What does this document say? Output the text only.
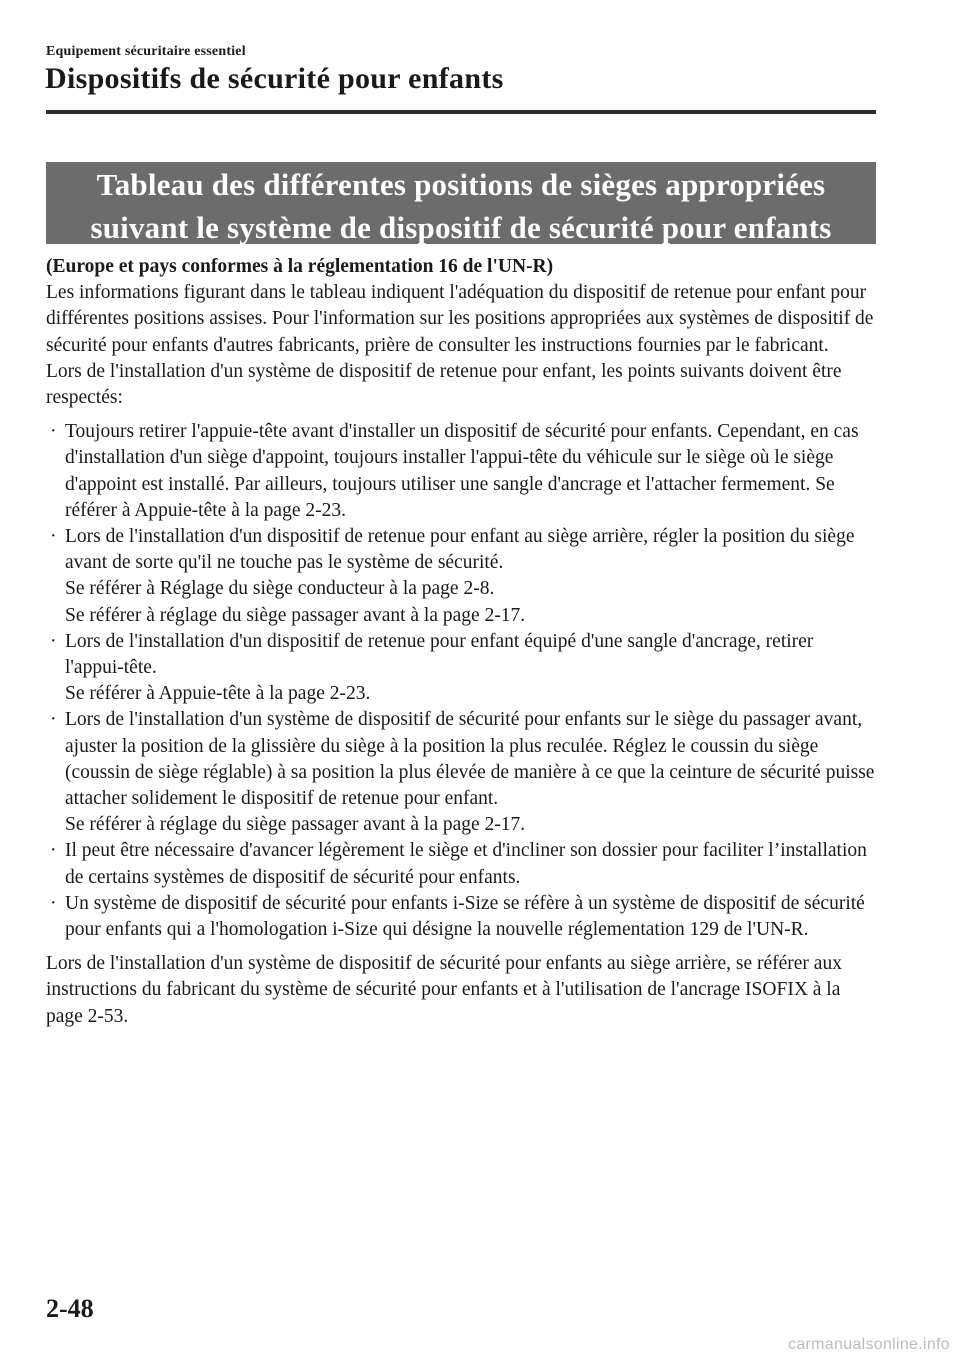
Equipement sécuritaire essentiel
Dispositifs de sécurité pour enfants
Tableau des différentes positions de sièges appropriées
suivant le système de dispositif de sécurité pour enfants

(Europe et pays conformes à la réglementation 16 de l'UN-R)

Les informations figurant dans le tableau indiquent l'adéquation du dispositif de retenue pour enfant pour différentes positions assises. Pour l'information sur les positions appropriées aux systèmes de dispositif de sécurité pour enfants d'autres fabricants, prière de consulter les instructions fournies par le fabricant.

Lors de l'installation d'un système de dispositif de retenue pour enfant, les points suivants doivent être respectés:

· Toujours retirer l'appuie-tête avant d'installer un dispositif de sécurité pour enfants. Cependant, en cas d'installation d'un siège d'appoint, toujours installer l'appui-tête du véhicule sur le siège où le siège d'appoint est installé. Par ailleurs, toujours utiliser une sangle d'ancrage et l'attacher fermement. Se référer à Appuie-tête à la page 2-23.
· Lors de l'installation d'un dispositif de retenue pour enfant au siège arrière, régler la position du siège avant de sorte qu'il ne touche pas le système de sécurité.
Se référer à Réglage du siège conducteur à la page 2-8.
Se référer à réglage du siège passager avant à la page 2-17.
· Lors de l'installation d'un dispositif de retenue pour enfant équipé d'une sangle d'ancrage, retirer l'appui-tête.
Se référer à Appuie-tête à la page 2-23.
· Lors de l'installation d'un système de dispositif de sécurité pour enfants sur le siège du passager avant, ajuster la position de la glissière du siège à la position la plus reculée. Réglez le coussin du siège (coussin de siège réglable) à sa position la plus élevée de manière à ce que la ceinture de sécurité puisse attacher solidement le dispositif de retenue pour enfant.
Se référer à réglage du siège passager avant à la page 2-17.
· Il peut être nécessaire d'avancer légèrement le siège et d'incliner son dossier pour faciliter l’installation de certains systèmes de dispositif de sécurité pour enfants.
· Un système de dispositif de sécurité pour enfants i-Size se réfère à un système de dispositif de sécurité pour enfants qui a l'homologation i-Size qui désigne la nouvelle réglementation 129 de l'UN-R.

Lors de l'installation d'un système de dispositif de sécurité pour enfants au siège arrière, se référer aux instructions du fabricant du système de sécurité pour enfants et à l'utilisation de l'ancrage ISOFIX à la page 2-53.

2-48
carmanualsonline.info
